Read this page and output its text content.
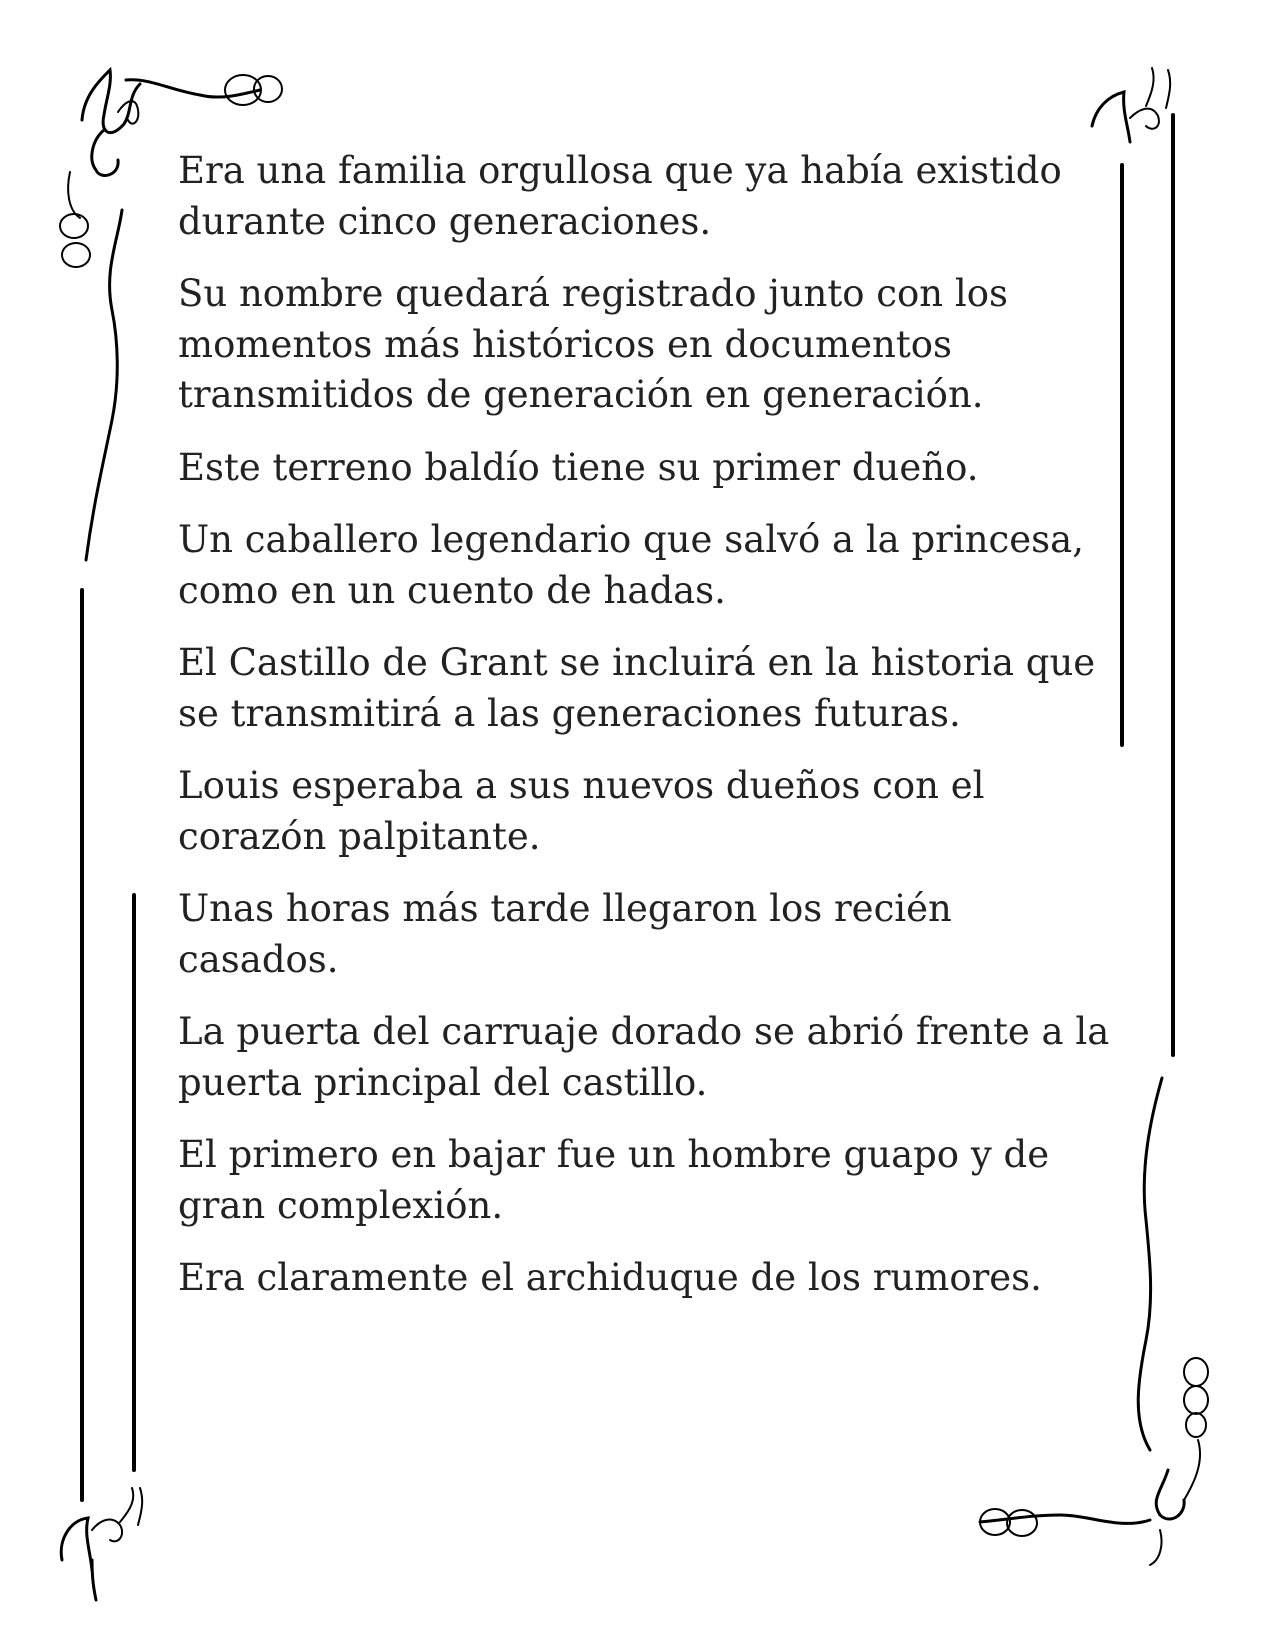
Era una familia orgullosa que ya había existido durante cinco generaciones.

Su nombre quedará registrado junto con los momentos más históricos en documentos transmitidos de generación en generación.

Este terreno baldío tiene su primer dueño.

Un caballero legendario que salvó a la princesa, como en un cuento de hadas.

El Castillo de Grant se incluirá en la historia que se transmitirá a las generaciones futuras.

Louis esperaba a sus nuevos dueños con el corazón palpitante.

Unas horas más tarde llegaron los recién casados.

La puerta del carruaje dorado se abrió frente a la puerta principal del castillo.

El primero en bajar fue un hombre guapo y de gran complexión.

Era claramente el archiduque de los rumores.
